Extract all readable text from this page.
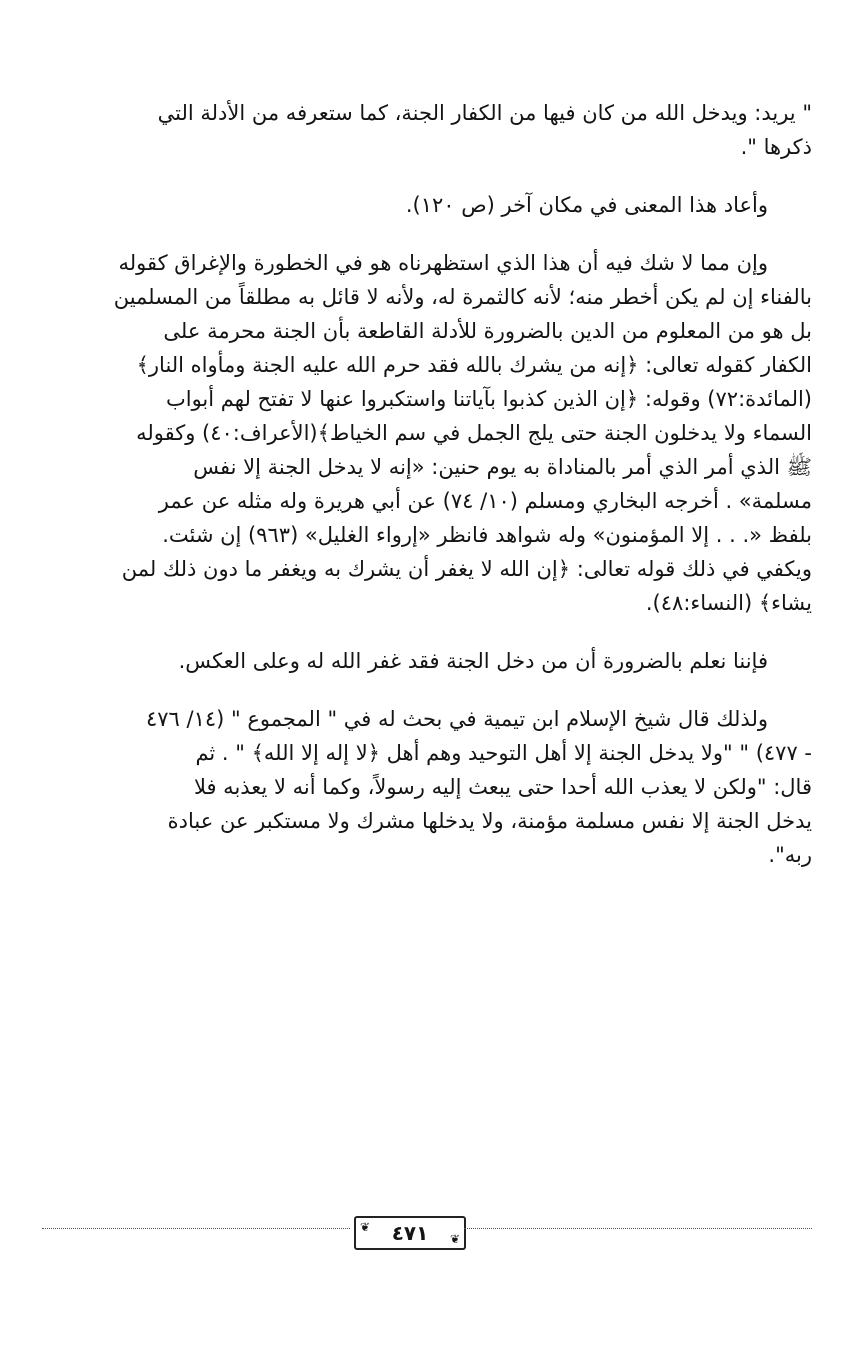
" يريد: ويدخل الله من كان فيها من الكفار الجنة، كما ستعرفه من الأدلة التي
ذكرها ".

وأعاد هذا المعنى في مكان آخر (ص ١٢٠).

وإن مما لا شك فيه أن هذا الذي استظهرناه هو في الخطورة والإغراق كقوله
بالفناء إن لم يكن أخطر منه؛ لأنه كالثمرة له، ولأنه لا قائل به مطلقاً من المسلمين
بل هو من المعلوم من الدين بالضرورة للأدلة القاطعة بأن الجنة محرمة على
الكفار كقوله تعالى: ﴿إنه من يشرك بالله فقد حرم الله عليه الجنة ومأواه النار﴾
(المائدة:٧٢) وقوله: ﴿إن الذين كذبوا بآياتنا واستكبروا عنها لا تفتح لهم أبواب
السماء ولا يدخلون الجنة حتى يلج الجمل في سم الخياط﴾(الأعراف:٤٠) وكقوله
ﷺ الذي أمر الذي أمر بالمناداة به يوم حنين: «إنه لا يدخل الجنة إلا نفس
مسلمة» . أخرجه البخاري ومسلم (١٠/ ٧٤) عن أبي هريرة وله مثله عن عمر
بلفظ «. . . إلا المؤمنون» وله شواهد فانظر «إرواء الغليل» (٩٦٣) إن شئت.
ويكفي في ذلك قوله تعالى: ﴿إن الله لا يغفر أن يشرك به ويغفر ما دون ذلك لمن
يشاء﴾ (النساء:٤٨).

فإننا نعلم بالضرورة أن من دخل الجنة فقد غفر الله له وعلى العكس.

ولذلك قال شيخ الإسلام ابن تيمية في بحث له في " المجموع " (١٤/ ٤٧٦
- ٤٧٧) " "ولا يدخل الجنة إلا أهل التوحيد وهم أهل ﴿لا إله إلا الله﴾ " . ثم
قال: "ولكن لا يعذب الله أحدا حتى يبعث إليه رسولاً، وكما أنه لا يعذبه فلا
يدخل الجنة إلا نفس مسلمة مؤمنة، ولا يدخلها مشرك ولا مستكبر عن عبادة
ربه".

❦ ٤٧١ ❦
